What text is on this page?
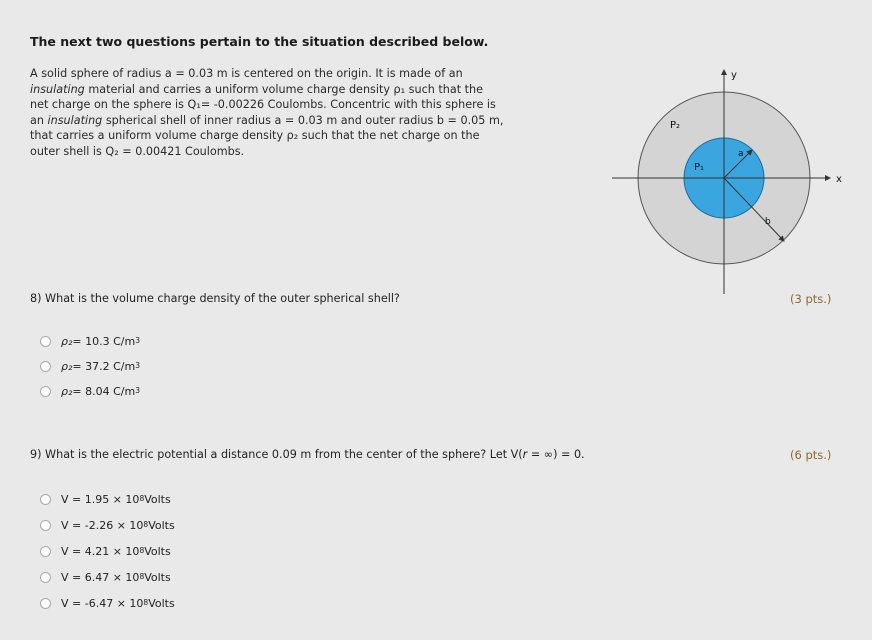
The next two questions pertain to the situation described below.

A solid sphere of radius a = 0.03 m is centered on the origin. It is made of an

insulating material and carries a uniform volume charge density ρ₁ such that the

net charge on the sphere is Q₁= -0.00226 Coulombs. Concentric with this sphere is

an insulating spherical shell of inner radius a = 0.03 m and outer radius b = 0.05 m,

that carries a uniform volume charge density ρ₂ such that the net charge on the

outer shell is Q₂ = 0.00421 Coulombs.

P₁
P₂
a
b
x
y
8) What is the volume charge density of the outer spherical shell?	(3 pts.)
ρ₂ = 10.3 C/m 3
ρ₂ = 37.2 C/m 3
ρ₂ = 8.04 C/m 3
9) What is the electric potential a distance 0.09 m from the center of the sphere? Let V(r = ∞) = 0.	(6 pts.)
V = 1.95 × 10 8 Volts
V = -2.26 × 10 8 Volts
V = 4.21 × 10 8 Volts
V = 6.47 × 10 8 Volts
V = -6.47 × 10 8 Volts
